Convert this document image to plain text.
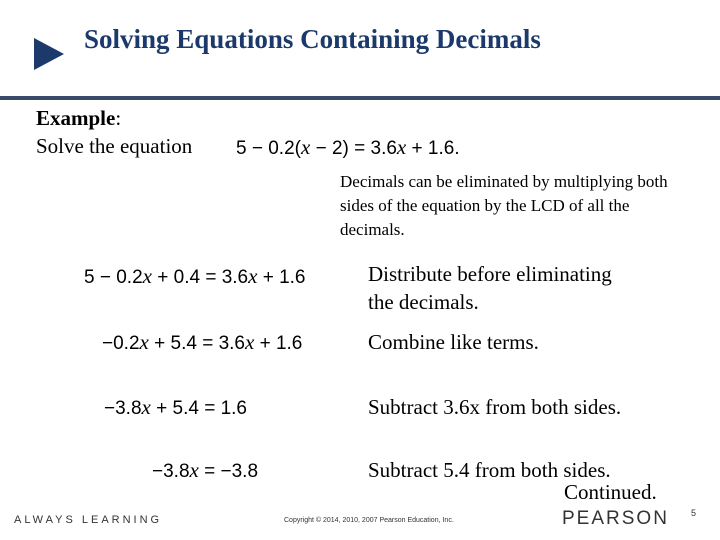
Solving Equations Containing Decimals
Example:
Solve the equation 5 − 0.2(x − 2) = 3.6x + 1.6.
Decimals can be eliminated by multiplying both sides of the equation by the LCD of all the decimals.
5 − 0.2x + 0.4 = 3.6x + 1.6	Distribute before eliminating
the decimals.
−0.2x + 5.4 = 3.6x + 1.6	Combine like terms.
−3.8x + 5.4 = 1.6	Subtract 3.6x from both sides.
−3.8x = −3.8	Subtract 5.4 from both sides.
Continued.
ALWAYS LEARNING	Copyright © 2014, 2010, 2007 Pearson Education, Inc.	PEARSON 5
